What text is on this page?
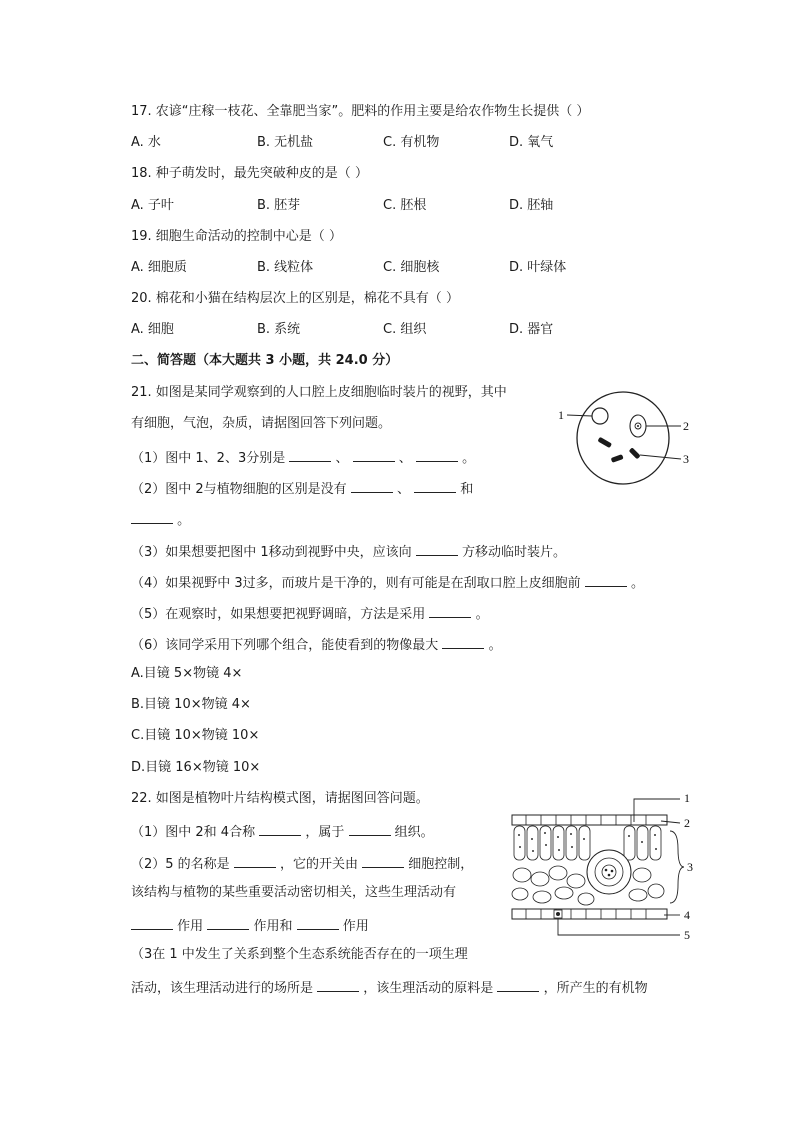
17. 农谚“庄稼一枝花、全靠肥当家”。肥料的作用主要是给农作物生长提供（ ）
A. 水	B. 无机盐	C. 有机物	D. 氧气
18. 种子萌发时，最先突破种皮的是（ ）
A. 子叶	B. 胚芽	C. 胚根	D. 胚轴
19. 细胞生命活动的控制中心是（ ）
A. 细胞质	B. 线粒体	C. 细胞核	D. 叶绿体
20. 棉花和小猫在结构层次上的区别是，棉花不具有（ ）
A. 细胞	B. 系统	C. 组织	D. 器官
二、简答题（本大题共 3 小题，共 24.0 分）
21. 如图是某同学观察到的人口腔上皮细胞临时装片的视野，其中
有细胞，气泡，杂质，请据图回答下列问题。
1
2
3
（1）图中 1、2、3分别是	、	、	。
（2）图中 2与植物细胞的区别是没有	、	和
。
（3）如果想要把图中 1移动到视野中央，应该向	方移动临时装片。
（4）如果视野中 3过多，而玻片是干净的，则有可能是在刮取口腔上皮细胞前	。
（5）在观察时，如果想要把视野调暗，方法是采用	。
（6）该同学采用下列哪个组合，能使看到的物像最大	。
A.目镜 5×物镜 4×
B.目镜 10×物镜 4×
C.目镜 10×物镜 10×
D.目镜 16×物镜 10×
22. 如图是植物叶片结构模式图，请据图回答问题。	1
2
3
4
5
（1）图中 2和 4合称	，属于	组织。
（2）5 的名称是	，它的开关由	细胞控制，
该结构与植物的某些重要活动密切相关，这些生理活动有
作用	作用和	作用
（3在 1 中发生了关系到整个生态系统能否存在的一项生理
活动，该生理活动进行的场所是	，该生理活动的原料是	，所产生的有机物
